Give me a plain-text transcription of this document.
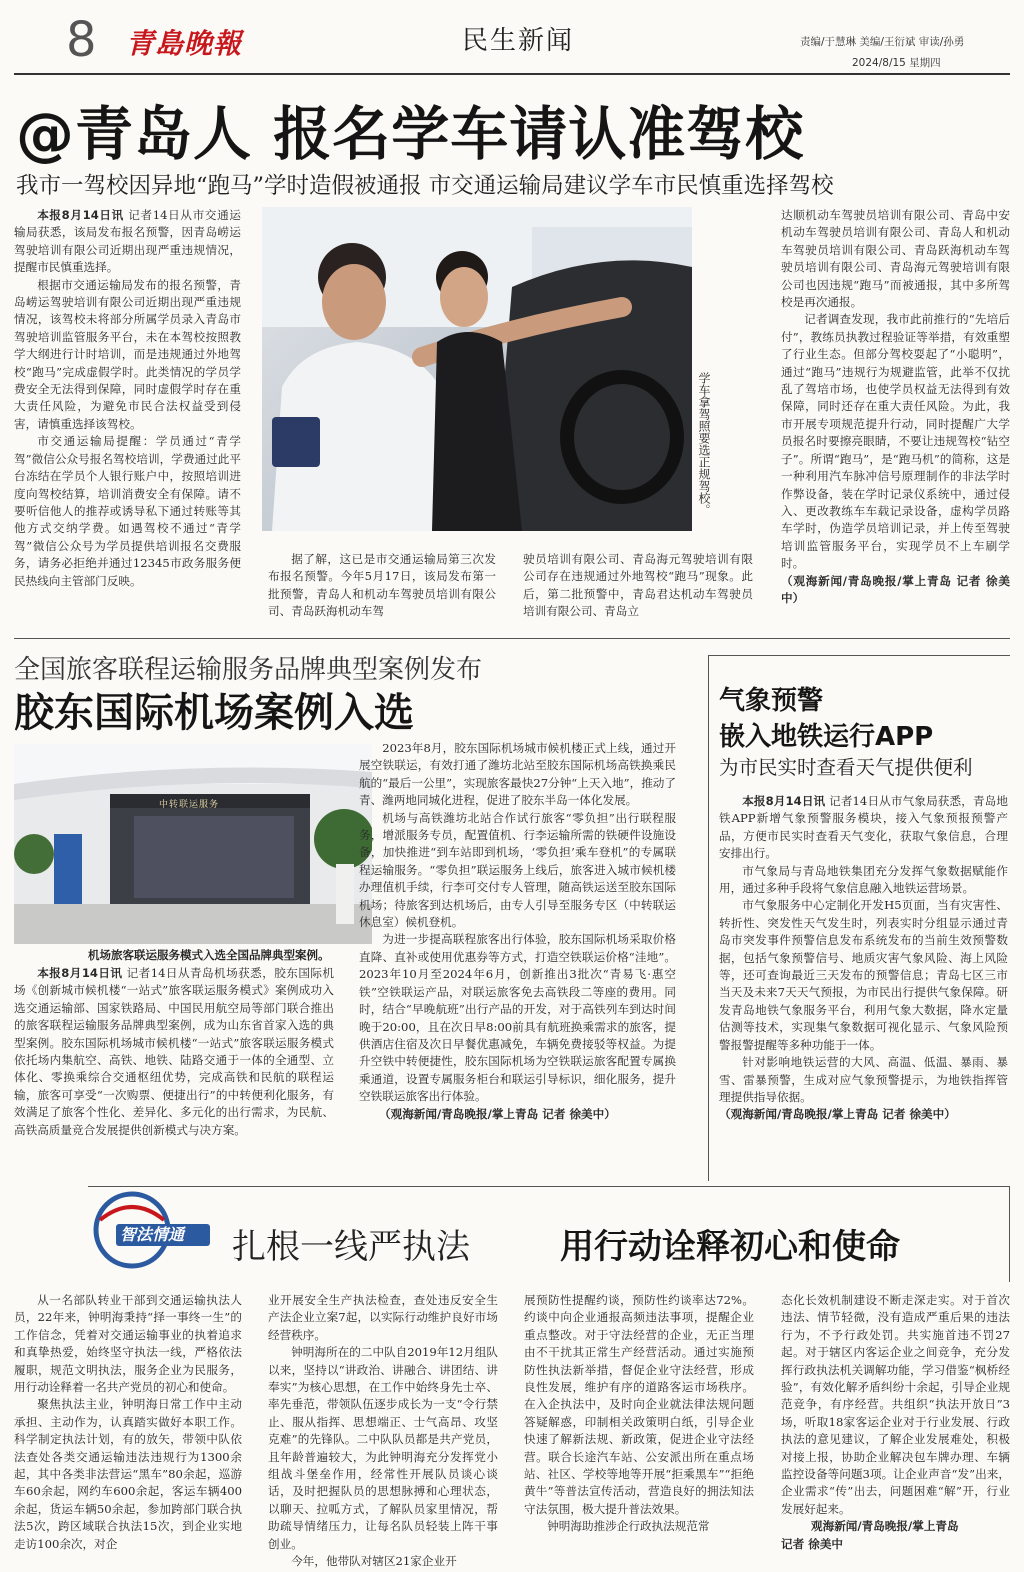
8 青島晚報	民生新闻	责编/于慧琳 美编/王衍斌 审读/孙勇
2024/8/15 星期四
@青岛人 报名学车请认准驾校
我市一驾校因异地“跑马”学时造假被通报 市交通运输局建议学车市民慎重选择驾校

本报8月14日讯 记者14日从市交通运输局获悉，该局发布报名预警，因青岛崂运驾驶培训有限公司近期出现严重违规情况，提醒市民慎重选择。

根据市交通运输局发布的报名预警，青岛崂运驾驶培训有限公司近期出现严重违规情况，该驾校未将部分所属学员录入青岛市驾驶培训监管服务平台，未在本驾校按照教学大纲进行计时培训，而是违规通过外地驾校“跑马”完成虚假学时。此类情况的学员学费安全无法得到保障，同时虚假学时存在重大责任风险，为避免市民合法权益受到侵害，请慎重选择该驾校。

市交通运输局提醒：学员通过“青学驾”微信公众号报名驾校培训，学费通过此平台冻结在学员个人银行账户中，按照培训进度向驾校结算，培训消费安全有保障。请不要听信他人的推荐或诱导私下通过转账等其他方式交纳学费。如遇驾校不通过“青学驾”微信公众号为学员提供培训报名交费服务，请务必拒绝并通过12345市政务服务便民热线向主管部门反映。

学车拿驾照要选正规驾校。

据了解，这已是市交通运输局第三次发布报名预警。今年5月17日，该局发布第一批预警，青岛人和机动车驾驶员培训有限公司、青岛跃海机动车驾

驶员培训有限公司、青岛海元驾驶培训有限公司存在违规通过外地驾校“跑马”现象。此后，第二批预警中，青岛君达机动车驾驶员培训有限公司、青岛立

达顺机动车驾驶员培训有限公司、青岛中安机动车驾驶员培训有限公司、青岛人和机动车驾驶员培训有限公司、青岛跃海机动车驾驶员培训有限公司、青岛海元驾驶培训有限公司也因违规“跑马”而被通报，其中多所驾校是再次通报。

记者调查发现，我市此前推行的“先培后付”，教练员执教过程验证等举措，有效重塑了行业生态。但部分驾校耍起了“小聪明”，通过“跑马”违规行为规避监管，此举不仅扰乱了驾培市场，也使学员权益无法得到有效保障，同时还存在重大责任风险。为此，我市开展专项规范提升行动，同时提醒广大学员报名时要擦亮眼睛，不要让违规驾校“钻空子”。所谓“跑马”，是“跑马机”的简称，这是一种利用汽车脉冲信号原理制作的非法学时作弊设备，装在学时记录仪系统中，通过侵入、更改教练车车载记录设备，虚构学员路车学时，伪造学员培训记录，并上传至驾驶培训监管服务平台，实现学员不上车刷学时。

（观海新闻/青岛晚报/掌上青岛 记者 徐美中）

全国旅客联程运输服务品牌典型案例发布
胶东国际机场案例入选
中转联运服务
机场旅客联运服务模式入选全国品牌典型案例。

本报8月14日讯 记者14日从青岛机场获悉，胶东国际机场《创新城市候机楼“一站式”旅客联运服务模式》案例成功入选交通运输部、国家铁路局、中国民用航空局等部门联合推出的旅客联程运输服务品牌典型案例，成为山东省首家入选的典型案例。胶东国际机场城市候机楼“一站式”旅客联运服务模式依托场内集航空、高铁、地铁、陆路交通于一体的全通型、立体化、零换乘综合交通枢纽优势，完成高铁和民航的联程运输，旅客可享受“一次购票、便捷出行”的中转便利化服务，有效满足了旅客个性化、差异化、多元化的出行需求，为民航、高铁高质量竞合发展提供创新模式与决方案。

2023年8月，胶东国际机场城市候机楼正式上线，通过开展空铁联运，有效打通了潍坊北站至胶东国际机场高铁换乘民航的“最后一公里”，实现旅客最快27分钟“上天入地”，推动了青、潍两地同城化进程，促进了胶东半岛一体化发展。

机场与高铁潍坊北站合作试行旅客“零负担”出行联程服务，增派服务专员，配置值机、行李运输所需的铁硬件设施设备，加快推进“到车站即到机场，‘零负担’乘车登机”的专属联程运输服务。“零负担”联运服务上线后，旅客进入城市候机楼办理值机手续，行李可交付专人管理，随高铁运送至胶东国际机场；待旅客到达机场后，由专人引导至服务专区（中转联运休息室）候机登机。

为进一步提高联程旅客出行体验，胶东国际机场采取价格直降、直补或使用优惠券等方式，打造空铁联运价格“洼地”。2023年10月至2024年6月，创新推出3批次“青易飞·惠空铁”空铁联运产品，对联运旅客免去高铁段二等座的费用。同时，结合“早晚航班”出行产品的开发，对于高铁列车到达时间晚于20:00，且在次日早8:00前具有航班换乘需求的旅客，提供酒店住宿及次日早餐优惠减免，车辆免费接驳等权益。为提升空铁中转便捷性，胶东国际机场为空铁联运旅客配置专属换乘通道，设置专属服务柜台和联运引导标识，细化服务，提升空铁联运旅客出行体验。

（观海新闻/青岛晚报/掌上青岛 记者 徐美中）

气象预警
嵌入地铁运行APP
为市民实时查看天气提供便利

本报8月14日讯 记者14日从市气象局获悉，青岛地铁APP新增气象预警服务模块，接入气象预报预警产品，方便市民实时查看天气变化，获取气象信息，合理安排出行。

市气象局与青岛地铁集团充分发挥气象数据赋能作用，通过多种手段将气象信息融入地铁运营场景。

市气象服务中心定制化开发H5页面，当有灾害性、转折性、突发性天气发生时，列表实时分组显示通过青岛市突发事件预警信息发布系统发布的当前生效预警数据，包括气象预警信号、地质灾害气象风险、海上风险等，还可查询最近三天发布的预警信息；青岛七区三市当天及未来7天天气预报，为市民出行提供气象保障。研发青岛地铁气象服务平台，利用气象大数据，降水定量估测等技术，实现集气象数据可视化显示、气象风险预警报警提醒等多种功能于一体。

针对影响地铁运营的大风、高温、低温、暴雨、暴雪、雷暴预警，生成对应气象预警提示，为地铁指挥管理提供指导依据。

（观海新闻/青岛晚报/掌上青岛 记者 徐美中）

智法情通 扎根一线严执法	用行动诠释初心和使命

从一名部队转业干部到交通运输执法人员，22年来，钟明海秉持“择一事终一生”的工作信念，凭着对交通运输事业的执着追求和真挚热爱，始终坚守执法一线，严格依法履职，规范文明执法，服务企业为民服务，用行动诠释着一名共产党员的初心和使命。

聚焦执法主业，钟明海日常工作中主动承担、主动作为，认真踏实做好本职工作。科学制定执法计划，有的放矢，带领中队依法查处各类交通运输违法违规行为1300余起，其中各类非法营运“黑车”80余起，巡游车60余起，网约车600余起，客运车辆400余起，货运车辆50余起，参加跨部门联合执法5次，跨区域联合执法15次，到企业实地走访100余次，对企

业开展安全生产执法检查，查处违反安全生产法企业立案7起，以实际行动维护良好市场经营秩序。

钟明海所在的二中队自2019年12月组队以来，坚持以“讲政治、讲融合、讲团结、讲奉实”为核心思想，在工作中始终身先士卒、率先垂范，带领队伍逐步成长为一支“令行禁止、服从指挥、思想端正、士气高昂、攻坚克难”的先锋队。二中队队员都是共产党员，且年龄普遍较大，为此钟明海充分发挥党小组战斗堡垒作用，经常性开展队员谈心谈话，及时把握队员的思想脉搏和心理状态，以聊天、拉呱方式，了解队员家里情况，帮助疏导情绪压力，让每名队员轻装上阵干事创业。

今年，他带队对辖区21家企业开

展预防性提醒约谈，预防性约谈率达72%。约谈中向企业通报高频违法事项，提醒企业重点整改。对于守法经营的企业，无正当理由不干扰其正常生产经营活动。通过实施预防性执法新举措，督促企业守法经营，形成良性发展，维护有序的道路客运市场秩序。在入企执法中，及时向企业就法律法规问题答疑解惑，印制相关政策明白纸，引导企业快速了解新法规、新政策，促进企业守法经营。联合长途汽车站、公安派出所在重点场站、社区、学校等地等开展“拒乘黑车”“拒绝黄牛”等普法宣传活动，营造良好的拥法知法守法氛围，极大提升普法效果。

钟明海助推涉企行政执法规范常

态化长效机制建设不断走深走实。对于首次违法、情节轻微，没有造成严重后果的违法行为，不予行政处罚。共实施首违不罚27起。对于辖区内客运企业之间竞争，充分发挥行政执法机关调解功能，学习借鉴“枫桥经验”，有效化解矛盾纠纷十余起，引导企业规范竞争，有序经营。共组织“执法开放日”3场，听取18家客运企业对于行业发展、行政执法的意见建议，了解企业发展难处，积极对接上报，协助企业解决包车牌办理、车辆监控设备等问题3项。让企业声音“发”出来，企业需求“传”出去，问题困难“解”开，行业发展好起来。

观海新闻/青岛晚报/掌上青岛

记者 徐美中
